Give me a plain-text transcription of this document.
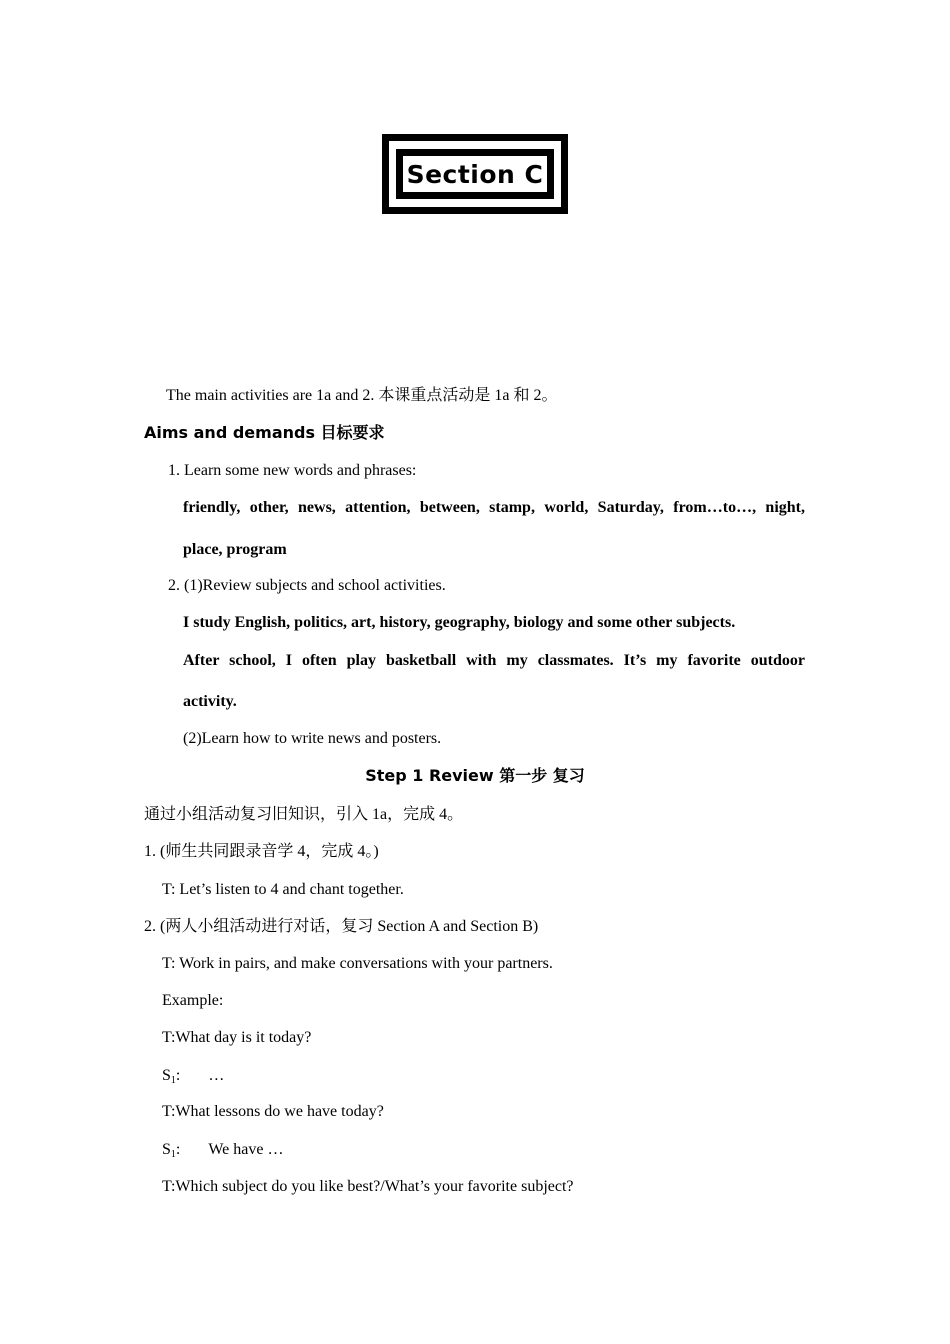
Section C
The main activities are 1a and 2. 本课重点活动是 1a 和 2。
Aims and demands 目标要求
1. Learn some new words and phrases:
friendly, other, news, attention, between, stamp, world, Saturday, from…to…, night,
place, program
2. (1)Review subjects and school activities.
I study English, politics, art, history, geography, biology and some other subjects.
After school, I often play basketball with my classmates. It’s my favorite outdoor
activity.
(2)Learn how to write news and posters.
Step 1 Review 第一步 复习
通过小组活动复习旧知识，引入 1a，完成 4。
1. (师生共同跟录音学 4，完成 4。)
T: Let’s listen to 4 and chant together.
2. (两人小组活动进行对话，复习 Section A and Section B)
T: Work in pairs, and make conversations with your partners.
Example:
T:What day is it today?
$S_1$: …
T:What lessons do we have today?
$S_1$: We have …
T:Which subject do you like best?/What’s your favorite subject?
